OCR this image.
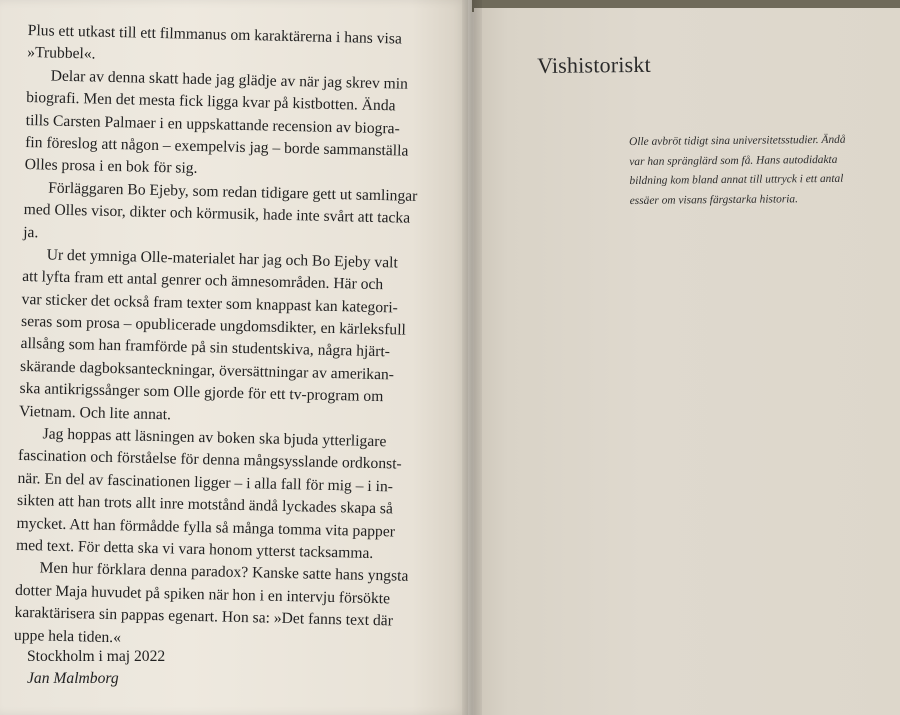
Plus ett utkast till ett filmmanus om karaktärerna i hans visa
»Trubbel«.
Delar av denna skatt hade jag glädje av när jag skrev min
biografi. Men det mesta fick ligga kvar på kistbotten. Ända
tills Carsten Palmaer i en uppskattande recension av biogra-
fin föreslog att någon – exempelvis jag – borde sammanställa
Olles prosa i en bok för sig.
Förläggaren Bo Ejeby, som redan tidigare gett ut samlingar
med Olles visor, dikter och körmusik, hade inte svårt att tacka
ja.
Ur det ymniga Olle-materialet har jag och Bo Ejeby valt
att lyfta fram ett antal genrer och ämnesområden. Här och
var sticker det också fram texter som knappast kan kategori-
seras som prosa – opublicerade ungdomsdikter, en kärleksfull
allsång som han framförde på sin studentskiva, några hjärt-
skärande dagboksanteckningar, översättningar av amerikan-
ska antikrigssånger som Olle gjorde för ett tv-program om
Vietnam. Och lite annat.
Jag hoppas att läsningen av boken ska bjuda ytterligare
fascination och förståelse för denna mångsysslande ordkonst-
när. En del av fascinationen ligger – i alla fall för mig – i in-
sikten att han trots allt inre motstånd ändå lyckades skapa så
mycket. Att han förmådde fylla så många tomma vita papper
med text. För detta ska vi vara honom ytterst tacksamma.
Men hur förklara denna paradox? Kanske satte hans yngsta
dotter Maja huvudet på spiken när hon i en intervju försökte
karaktärisera sin pappas egenart. Hon sa: »Det fanns text där
uppe hela tiden.«
Stockholm i maj 2022
Jan Malmborg
Vishistoriskt
Olle avbröt tidigt sina universitetsstudier. Ändå
var han spränglärd som få. Hans autodidakta
bildning kom bland annat till uttryck i ett antal
essäer om visans färgstarka historia.
